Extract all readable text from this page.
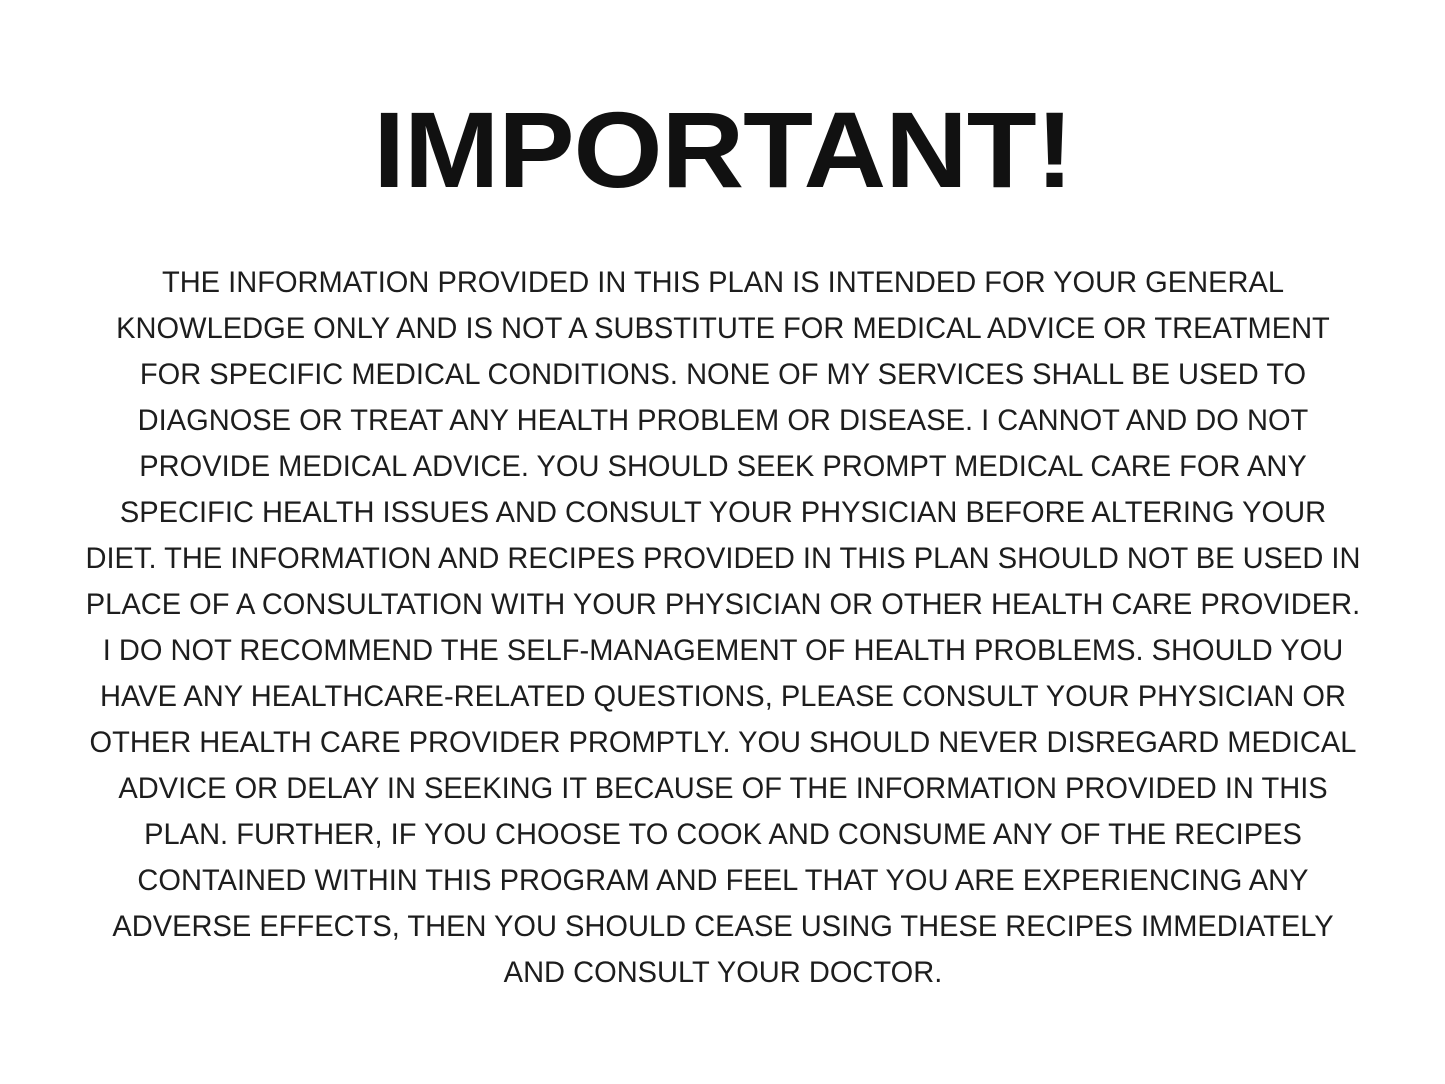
IMPORTANT!

THE INFORMATION PROVIDED IN THIS PLAN IS INTENDED FOR YOUR GENERAL KNOWLEDGE ONLY AND IS NOT A SUBSTITUTE FOR MEDICAL ADVICE OR TREATMENT FOR SPECIFIC MEDICAL CONDITIONS. NONE OF MY SERVICES SHALL BE USED TO DIAGNOSE OR TREAT ANY HEALTH PROBLEM OR DISEASE. I CANNOT AND DO NOT PROVIDE MEDICAL ADVICE. YOU SHOULD SEEK PROMPT MEDICAL CARE FOR ANY SPECIFIC HEALTH ISSUES AND CONSULT YOUR PHYSICIAN BEFORE ALTERING YOUR DIET. THE INFORMATION AND RECIPES PROVIDED IN THIS PLAN SHOULD NOT BE USED IN PLACE OF A CONSULTATION WITH YOUR PHYSICIAN OR OTHER HEALTH CARE PROVIDER. I DO NOT RECOMMEND THE SELF-MANAGEMENT OF HEALTH PROBLEMS. SHOULD YOU HAVE ANY HEALTHCARE-RELATED QUESTIONS, PLEASE CONSULT YOUR PHYSICIAN OR OTHER HEALTH CARE PROVIDER PROMPTLY. YOU SHOULD NEVER DISREGARD MEDICAL ADVICE OR DELAY IN SEEKING IT BECAUSE OF THE INFORMATION PROVIDED IN THIS PLAN. FURTHER, IF YOU CHOOSE TO COOK AND CONSUME ANY OF THE RECIPES CONTAINED WITHIN THIS PROGRAM AND FEEL THAT YOU ARE EXPERIENCING ANY ADVERSE EFFECTS, THEN YOU SHOULD CEASE USING THESE RECIPES IMMEDIATELY AND CONSULT YOUR DOCTOR.
